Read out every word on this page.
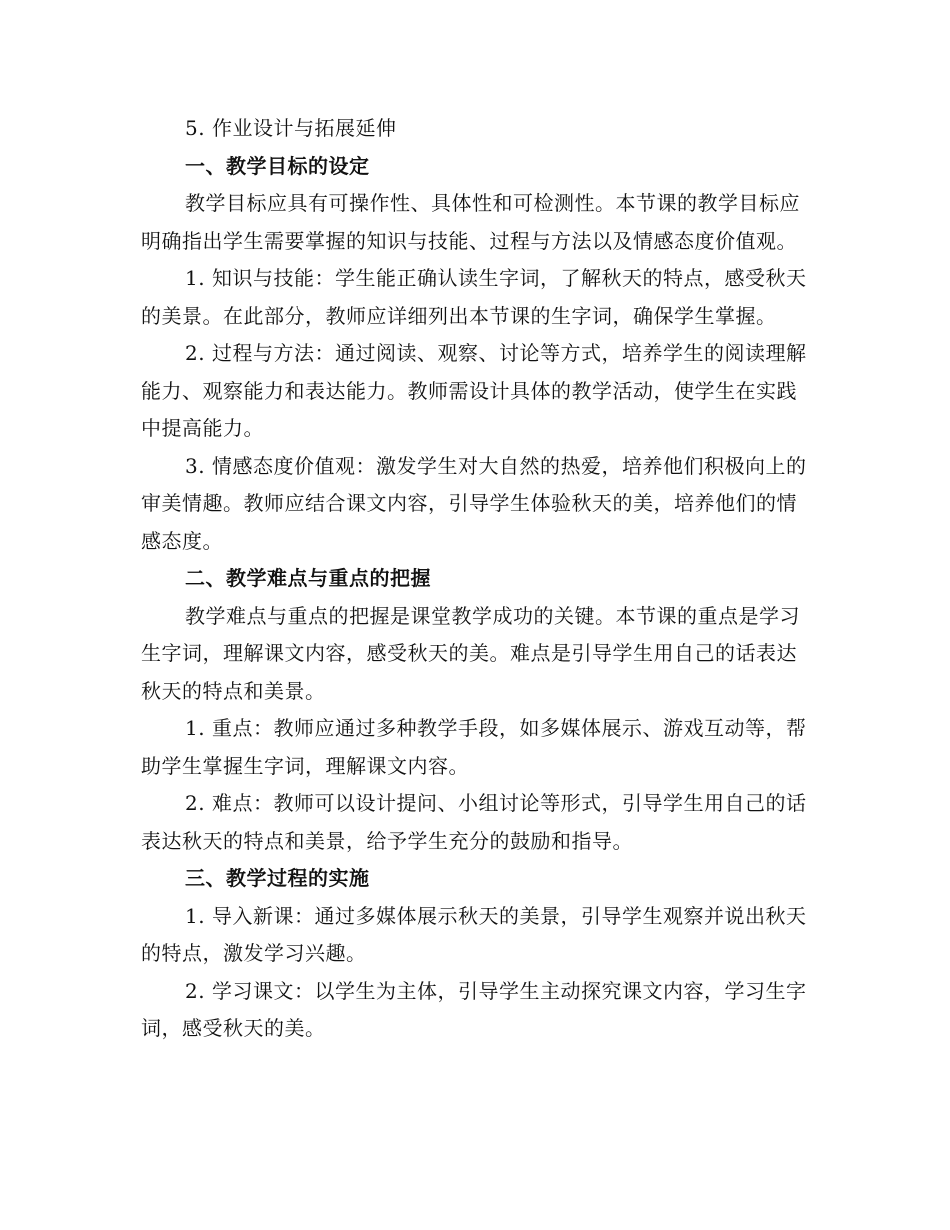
5. 作业设计与拓展延伸

一、教学目标的设定

教学目标应具有可操作性、具体性和可检测性。本节课的教学目标应明确指出学生需要掌握的知识与技能、过程与方法以及情感态度价值观。

1. 知识与技能：学生能正确认读生字词，了解秋天的特点，感受秋天的美景。在此部分，教师应详细列出本节课的生字词，确保学生掌握。

2. 过程与方法：通过阅读、观察、讨论等方式，培养学生的阅读理解能力、观察能力和表达能力。教师需设计具体的教学活动，使学生在实践中提高能力。

3. 情感态度价值观：激发学生对大自然的热爱，培养他们积极向上的审美情趣。教师应结合课文内容，引导学生体验秋天的美，培养他们的情感态度。

二、教学难点与重点的把握

教学难点与重点的把握是课堂教学成功的关键。本节课的重点是学习生字词，理解课文内容，感受秋天的美。难点是引导学生用自己的话表达秋天的特点和美景。

1. 重点：教师应通过多种教学手段，如多媒体展示、游戏互动等，帮助学生掌握生字词，理解课文内容。

2. 难点：教师可以设计提问、小组讨论等形式，引导学生用自己的话表达秋天的特点和美景，给予学生充分的鼓励和指导。

三、教学过程的实施

1. 导入新课：通过多媒体展示秋天的美景，引导学生观察并说出秋天的特点，激发学习兴趣。

2. 学习课文：以学生为主体，引导学生主动探究课文内容，学习生字词，感受秋天的美。
